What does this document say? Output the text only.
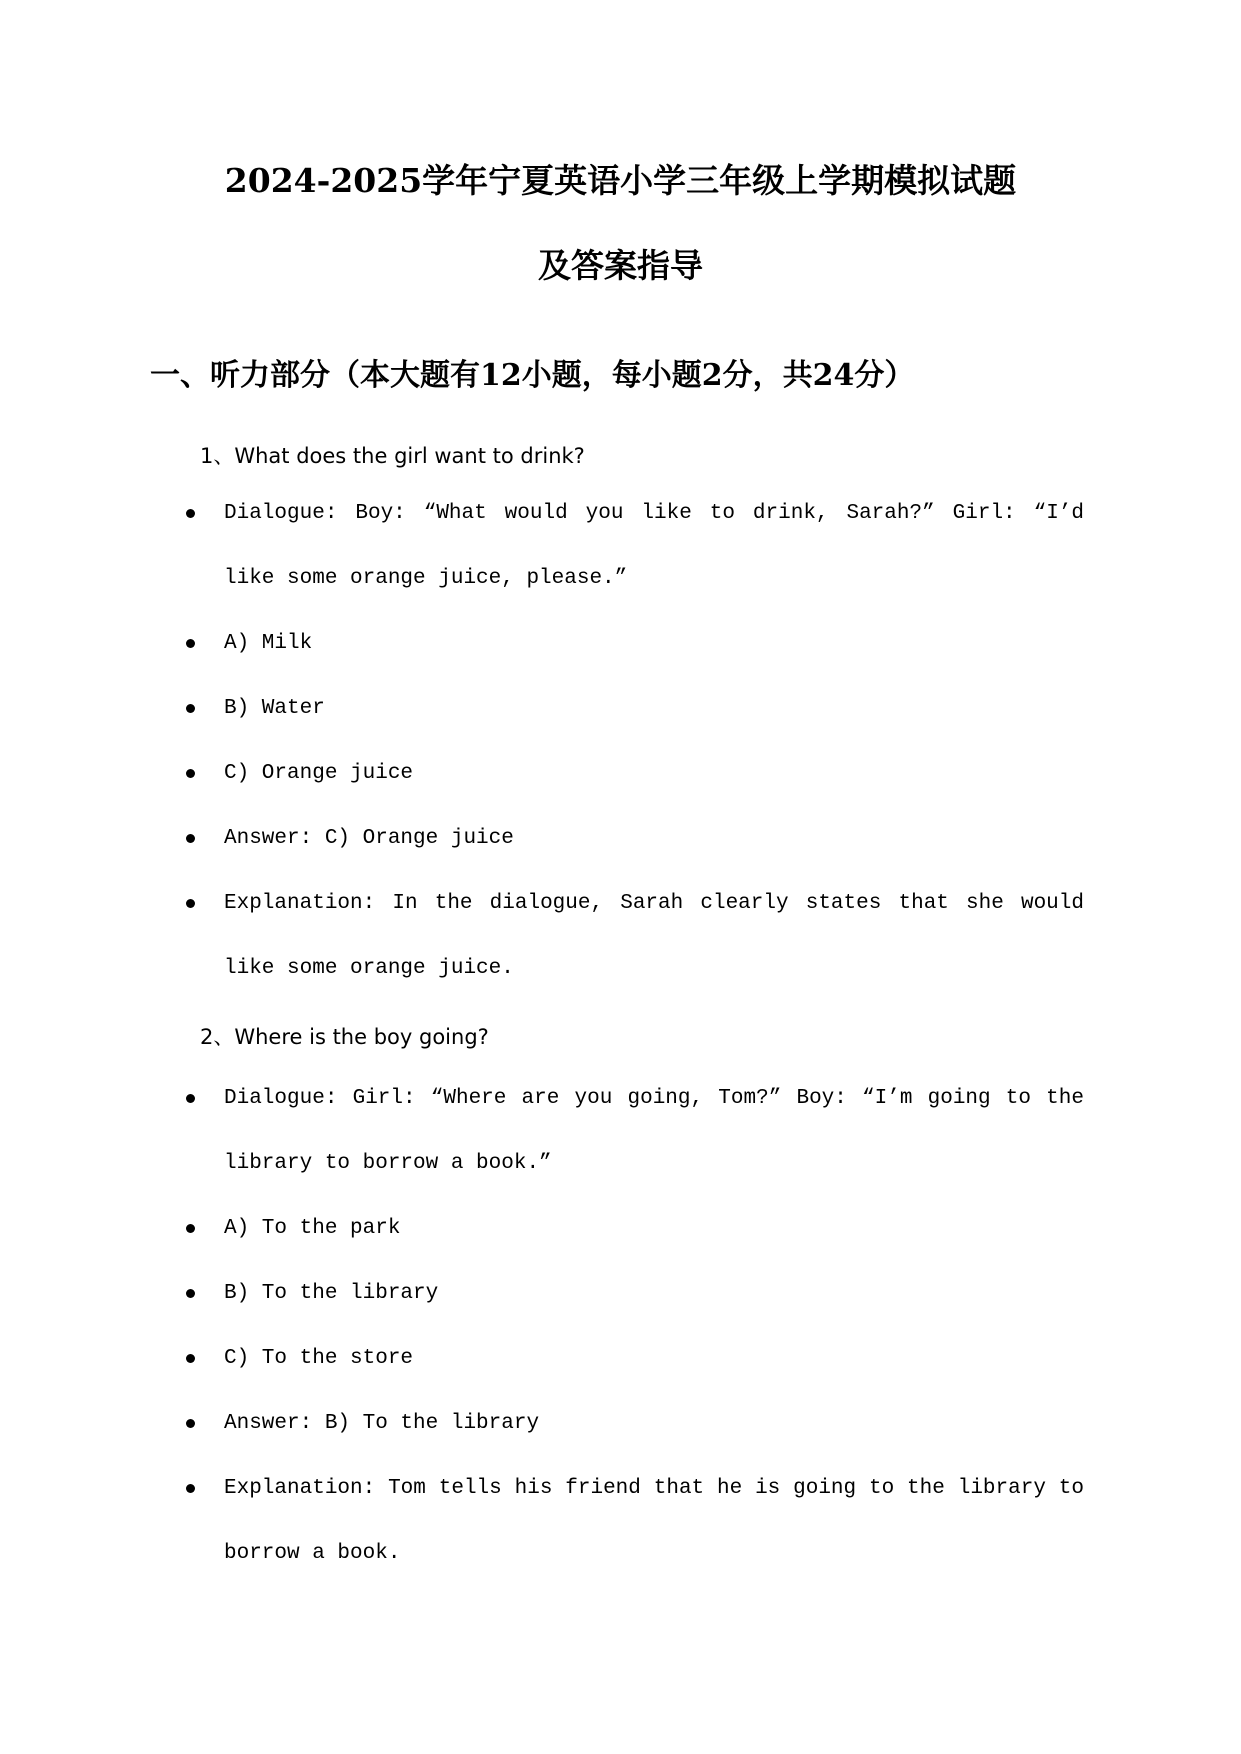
2024-2025学年宁夏英语小学三年级上学期模拟试题
及答案指导
一、听力部分（本大题有12小题，每小题2分，共24分）
1、What does the girl want to drink?
Dialogue: Boy: “What would you like to drink, Sarah?” Girl: “I’d like some orange juice, please.”
A) Milk
B) Water
C) Orange juice
Answer: C) Orange juice
Explanation: In the dialogue, Sarah clearly states that she would like some orange juice.
2、Where is the boy going?
Dialogue: Girl: “Where are you going, Tom?” Boy: “I’m going to the library to borrow a book.”
A) To the park
B) To the library
C) To the store
Answer: B) To the library
Explanation: Tom tells his friend that he is going to the library to borrow a book.
